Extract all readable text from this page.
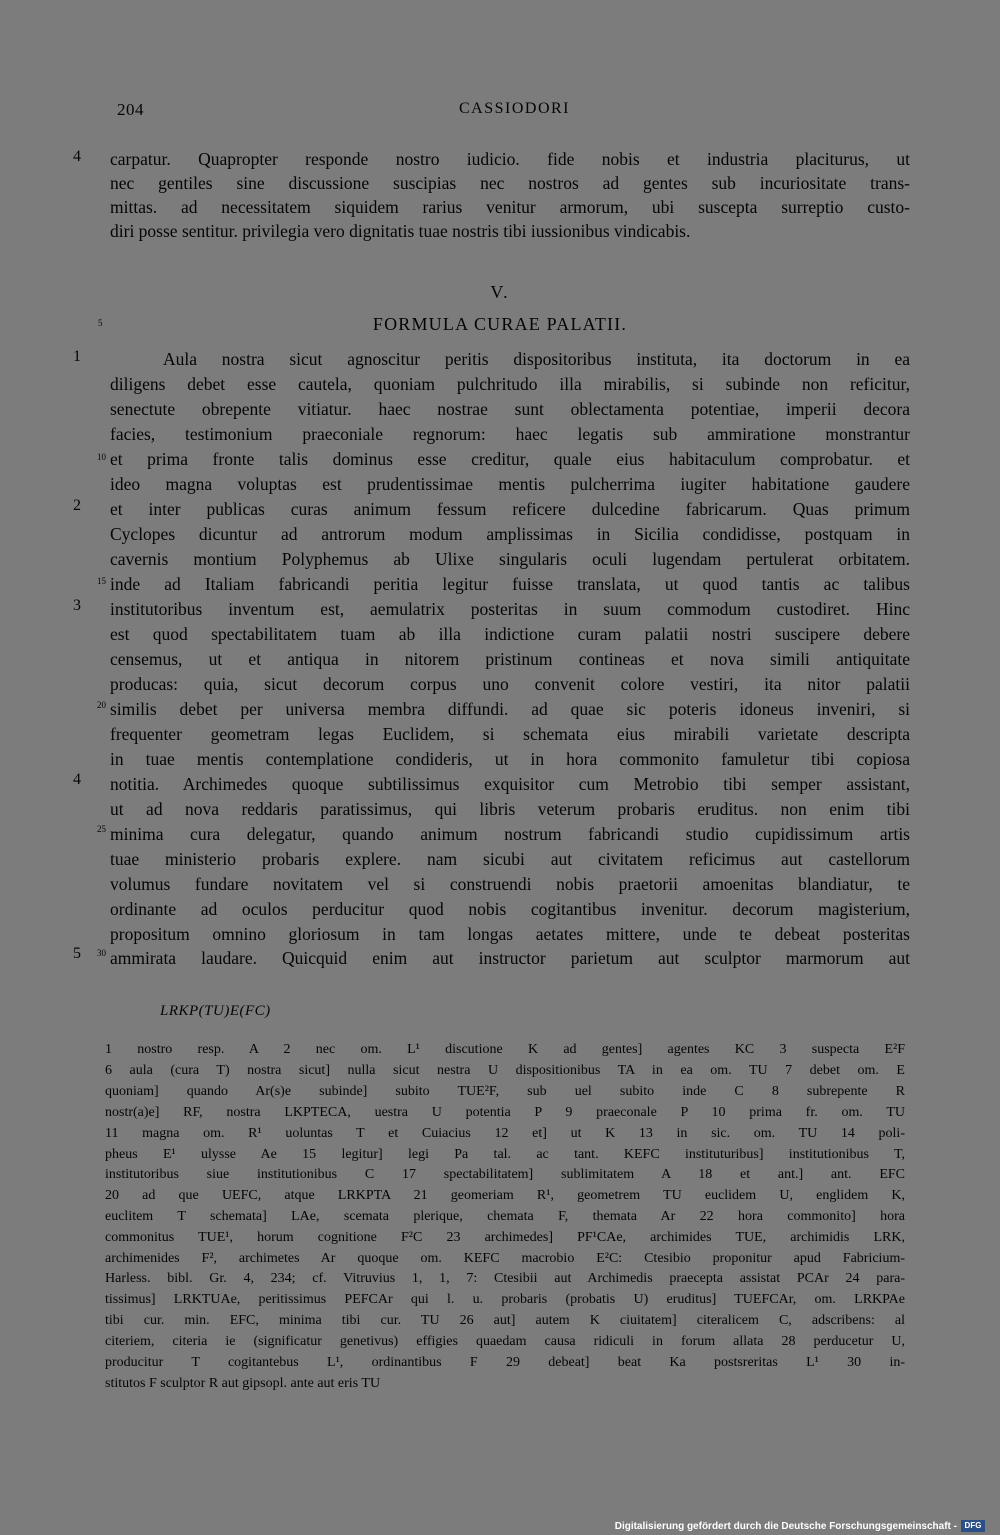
204	CASSIODORI
4 carpatur. Quapropter responde nostro iudicio. fide nobis et industria placiturus, ut
nec gentiles sine discussione suscipias nec nostros ad gentes sub incuriositate trans-
mittas. ad necessitatem siquidem rarius venitur armorum, ubi suscepta surreptio custo-
diri posse sentitur. privilegia vero dignitatis tuae nostris tibi iussionibus vindicabis.
V.
5	FORMULA CURAE PALATII.
1
2
3
4
5
10
15
20
25
30
Aula nostra sicut agnoscitur peritis dispositoribus instituta, ita doctorum in ea
diligens debet esse cautela, quoniam pulchritudo illa mirabilis, si subinde non reficitur,
senectute obrepente vitiatur. haec nostrae sunt oblectamenta potentiae, imperii decora
facies, testimonium praeconiale regnorum: haec legatis sub ammiratione monstrantur
et prima fronte talis dominus esse creditur, quale eius habitaculum comprobatur. et
ideo magna voluptas est prudentissimae mentis pulcherrima iugiter habitatione gaudere
et inter publicas curas animum fessum reficere dulcedine fabricarum. Quas primum
Cyclopes dicuntur ad antrorum modum amplissimas in Sicilia condidisse, postquam in
cavernis montium Polyphemus ab Ulixe singularis oculi lugendam pertulerat orbitatem.
inde ad Italiam fabricandi peritia legitur fuisse translata, ut quod tantis ac talibus
institutoribus inventum est, aemulatrix posteritas in suum commodum custodiret. Hinc
est quod spectabilitatem tuam ab illa indictione curam palatii nostri suscipere debere
censemus, ut et antiqua in nitorem pristinum contineas et nova simili antiquitate
producas: quia, sicut decorum corpus uno convenit colore vestiri, ita nitor palatii
similis debet per universa membra diffundi. ad quae sic poteris idoneus inveniri, si
frequenter geometram legas Euclidem, si schemata eius mirabili varietate descripta
in tuae mentis contemplatione condideris, ut in hora commonito famuletur tibi copiosa
notitia. Archimedes quoque subtilissimus exquisitor cum Metrobio tibi semper assistant,
ut ad nova reddaris paratissimus, qui libris veterum probaris eruditus. non enim tibi
minima cura delegatur, quando animum nostrum fabricandi studio cupidissimum artis
tuae ministerio probaris explere. nam sicubi aut civitatem reficimus aut castellorum
volumus fundare novitatem vel si construendi nobis praetorii amoenitas blandiatur, te
ordinante ad oculos perducitur quod nobis cogitantibus invenitur. decorum magisterium,
propositum omnino gloriosum in tam longas aetates mittere, unde te debeat posteritas
ammirata laudare. Quicquid enim aut instructor parietum aut sculptor marmorum aut
LRKP(TU)E(FC)
1 nostro resp. A 2 nec om. L¹ discutione K ad gentes] agentes KC 3 suspecta E²F
6 aula (cura T) nostra sicut] nulla sicut nestra U dispositionibus TA in ea om. TU 7 debet om. E
quoniam] quando Ar(s)e subinde] subito TUE²F, sub uel subito inde C 8 subrepente R
nostr(a)e] RF, nostra LKPTECA, uestra U potentia P 9 praeconale P 10 prima fr. om. TU
11 magna om. R¹ uoluntas T et Cuiacius 12 et] ut K 13 in sic. om. TU 14 poli-
pheus E¹ ulysse Ae 15 legitur] legi Pa tal. ac tant. KEFC instituturibus] institutionibus T,
institutoribus siue institutionibus C 17 spectabilitatem] sublimitatem A 18 et ant.] ant. EFC
20 ad que UEFC, atque LRKPTA 21 geomeriam R¹, geometrem TU euclidem U, englidem K,
euclitem T schemata] LAe, scemata plerique, chemata F, themata Ar 22 hora commonito] hora
commonitus TUE¹, horum cognitione F²C 23 archimedes] PF¹CAe, archimides TUE, archimidis LRK,
archimenides F², archimetes Ar quoque om. KEFC macrobio E²C: Ctesibio proponitur apud Fabricium-
Harless. bibl. Gr. 4, 234; cf. Vitruvius 1, 1, 7: Ctesibii aut Archimedis praecepta assistat PCAr 24 para-
tissimus] LRKTUAe, peritissimus PEFCAr qui l. u. probaris (probatis U) eruditus] TUEFCAr, om. LRKPAe
tibi cur. min. EFC, minima tibi cur. TU 26 aut] autem K ciuitatem] citeralicem C, adscribens: al
citeriem, citeria ie (significatur genetivus) effigies quaedam causa ridiculi in forum allata 28 perducetur U,
producitur T cogitantebus L¹, ordinantibus F 29 debeat] beat Ka postsreritas L¹ 30 in-
stitutos F sculptor R aut gipsopl. ante aut eris TU
Digitalisierung gefördert durch die Deutsche Forschungsgemeinschaft - DFG
